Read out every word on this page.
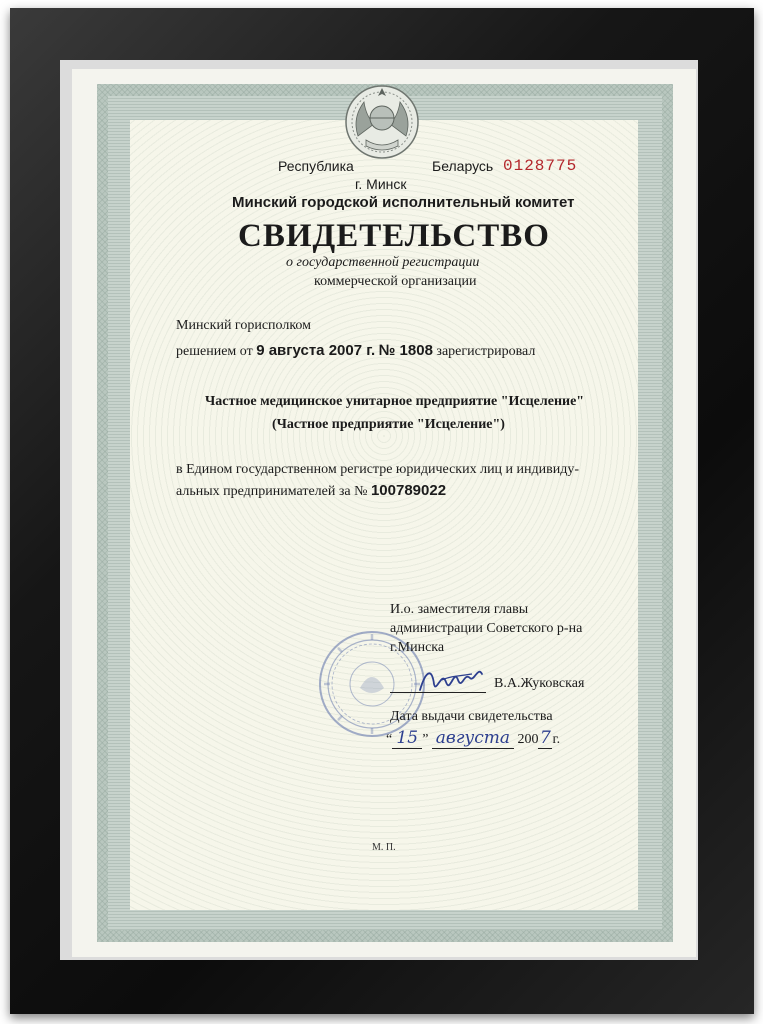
Республика	Беларусь 0128775
г. Минск
Минский городской исполнительный комитет
СВИДЕТЕЛЬСТВО
о государственной регистрации
коммерческой организации
Минский горисполком
решением от 9 августа 2007 г. № 1808 зарегистрировал
Частное медицинское унитарное предприятие "Исцеление"
(Частное предприятие "Исцеление")
в Едином государственном регистре юридических лиц и индивиду-
альных предпринимателей за № 100789022
И.о. заместителя главы
администрации Советского р-на
г.Минска
В.А.Жуковская
Дата выдачи свидетельства
“ 15 ” августа 2007 г.
М. П.
